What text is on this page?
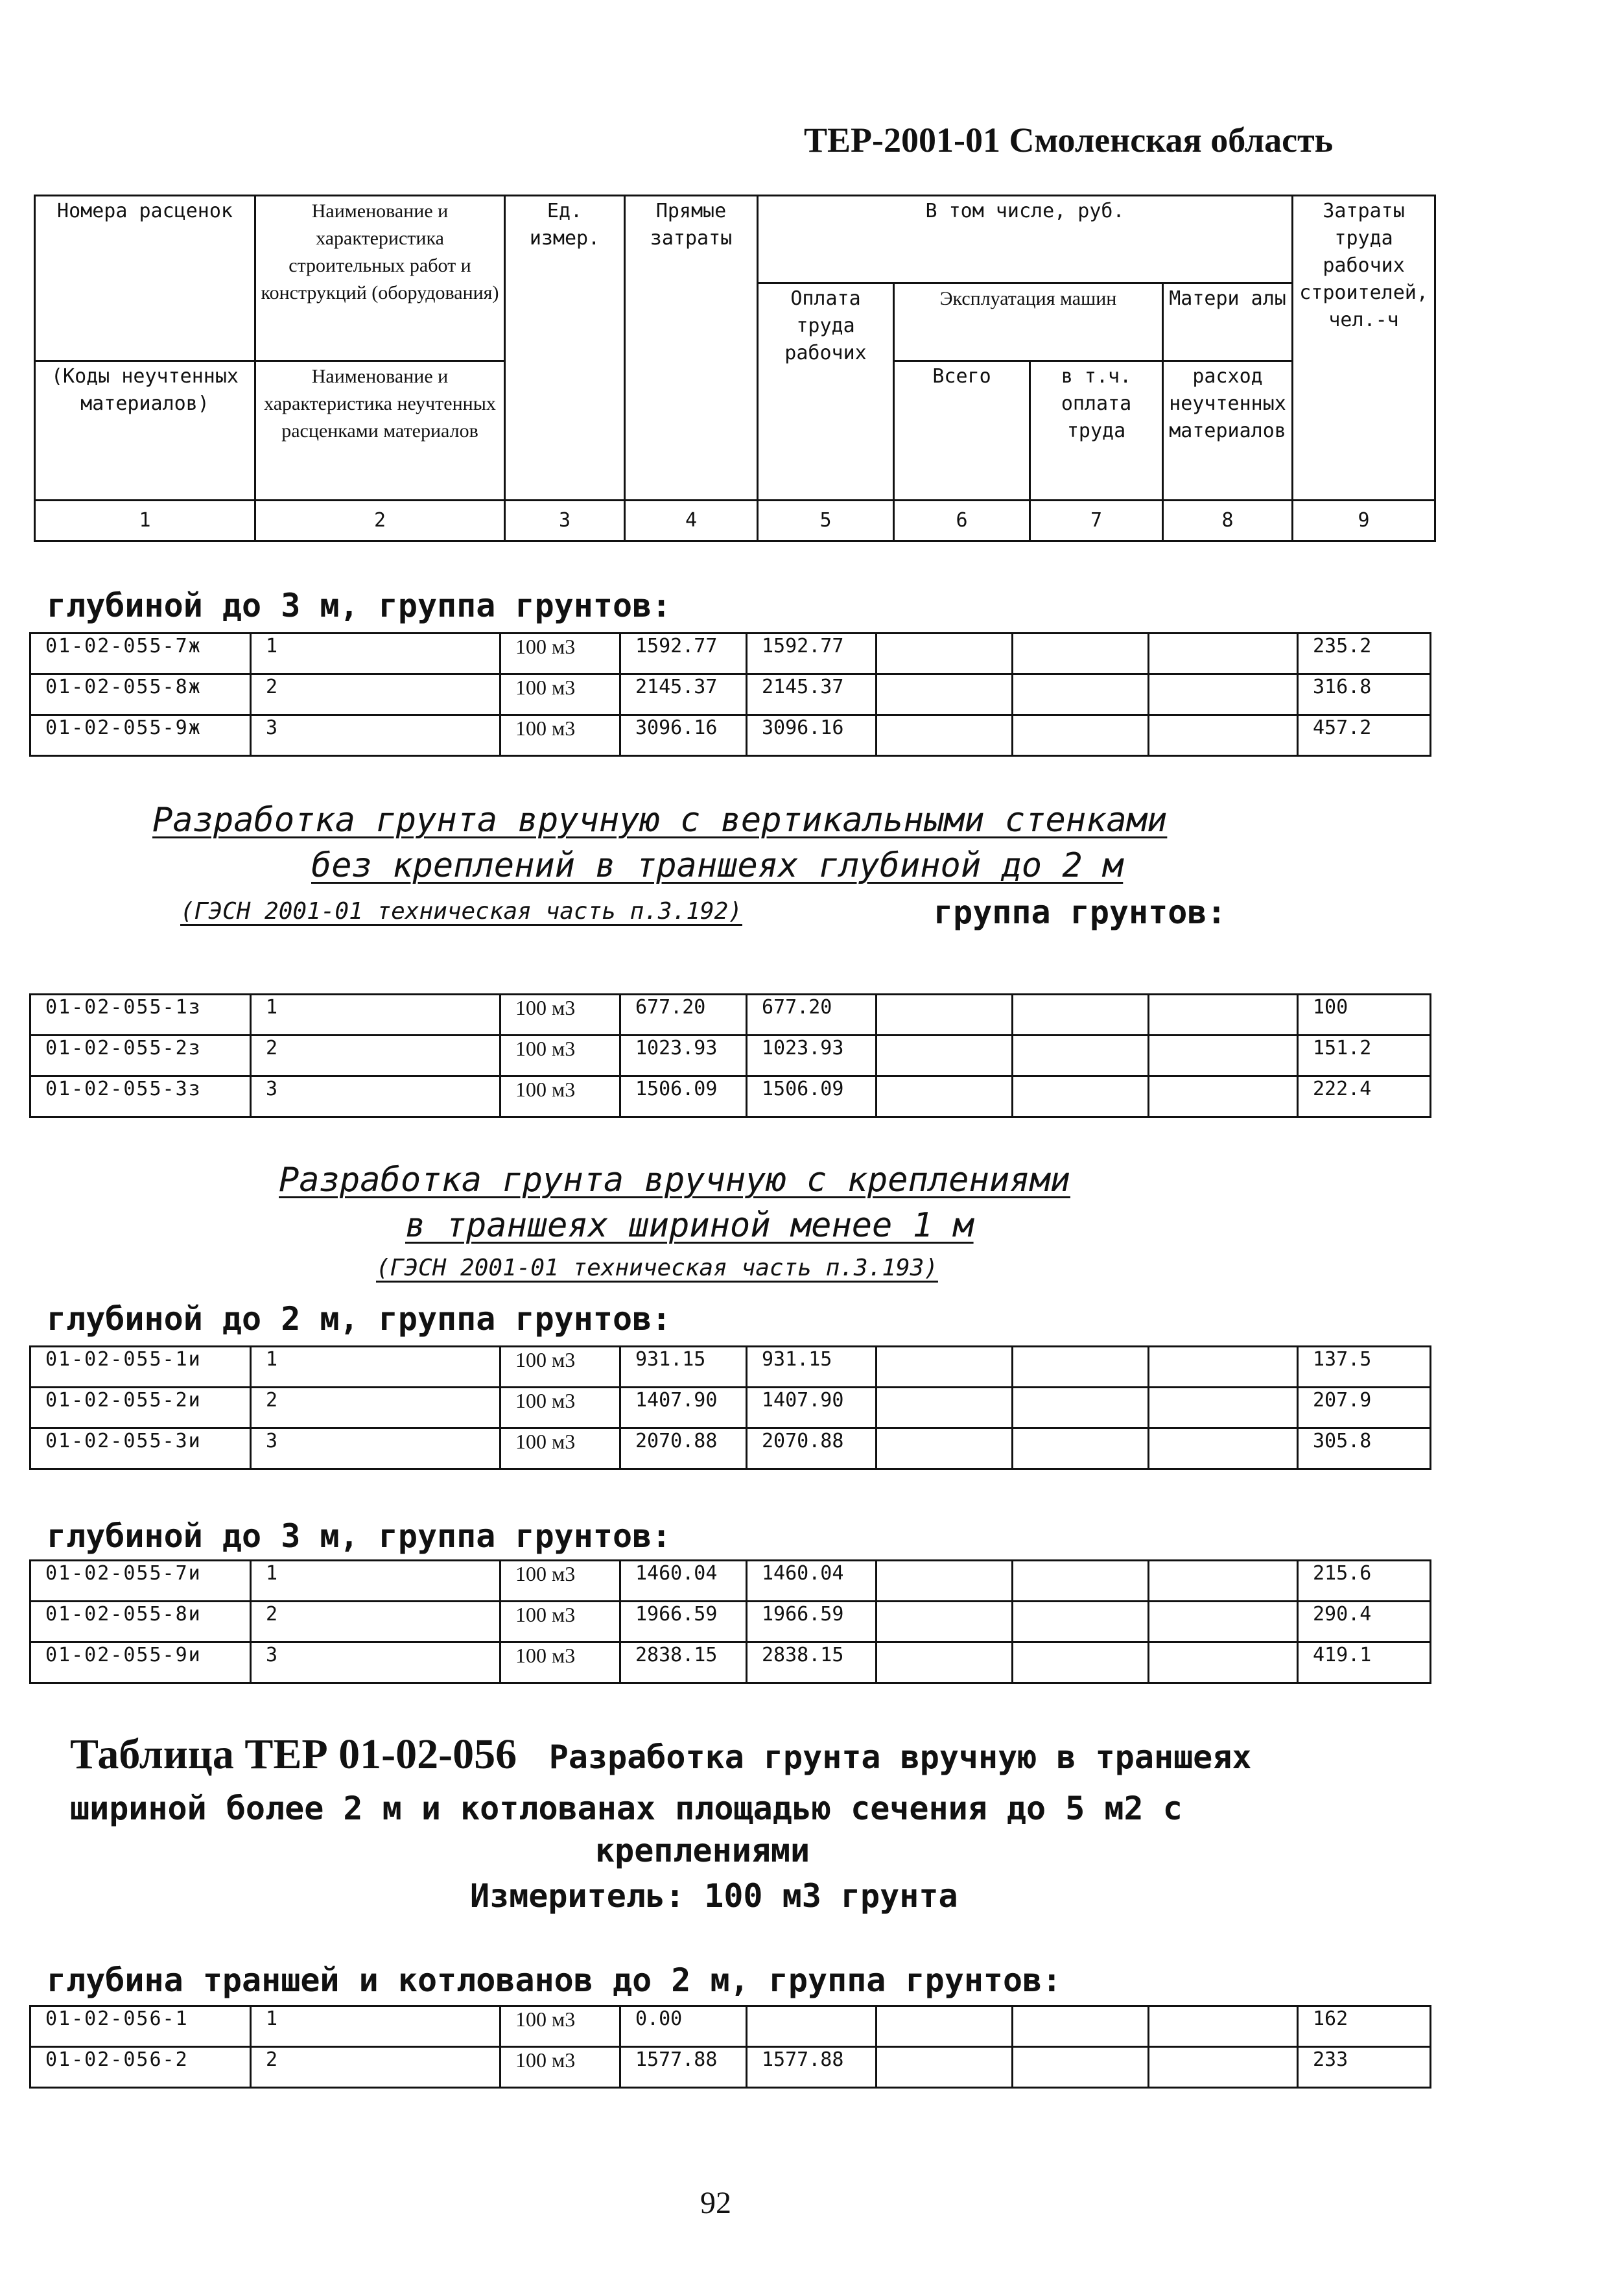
ТЕР-2001-01 Смоленская область
Номера расценок	Наименование и характеристика строительных работ и конструкций (оборудования)	Ед. измер.	Прямые затраты	В том числе, руб.				Затраты труда рабочих строителей, чел.-ч
				Оплата труда рабочих	Эксплуатация машин		Матери алы	
(Коды неучтенных материалов)	Наименование и характеристика неучтенных расценками материалов				Всего	в т.ч. оплата труда	расход неучтенных материалов	

1	2	3	4	5	6	7	8	9
глубиной до 3 м, группа грунтов:
01-02-055-7ж	1	100 м3	1592.77	1592.77				235.2
01-02-055-8ж	2	100 м3	2145.37	2145.37				316.8
01-02-055-9ж	3	100 м3	3096.16	3096.16				457.2
Разработка грунта вручную с вертикальными стенками
без креплений в траншеях глубиной до 2 м
(ГЭСН 2001-01 техническая часть п.3.192)	группа грунтов:
01-02-055-1з	1	100 м3	677.20	677.20				100
01-02-055-2з	2	100 м3	1023.93	1023.93				151.2
01-02-055-3з	3	100 м3	1506.09	1506.09				222.4
Разработка грунта вручную с креплениями
в траншеях шириной менее 1 м
(ГЭСН 2001-01 техническая часть п.3.193)
глубиной до 2 м, группа грунтов:
01-02-055-1и	1	100 м3	931.15	931.15				137.5
01-02-055-2и	2	100 м3	1407.90	1407.90				207.9
01-02-055-3и	3	100 м3	2070.88	2070.88				305.8
глубиной до 3 м, группа грунтов:
01-02-055-7и	1	100 м3	1460.04	1460.04				215.6
01-02-055-8и	2	100 м3	1966.59	1966.59				290.4
01-02-055-9и	3	100 м3	2838.15	2838.15				419.1
Таблица ТЕР 01-02-056 Разработка грунта вручную в траншеях
шириной более 2 м и котлованах площадью сечения до 5 м2 с
креплениями
Измеритель: 100 м3 грунта
глубина траншей и котлованов до 2 м, группа грунтов:
01-02-056-1	1	100 м3	0.00					162
01-02-056-2	2	100 м3	1577.88	1577.88				233
92
